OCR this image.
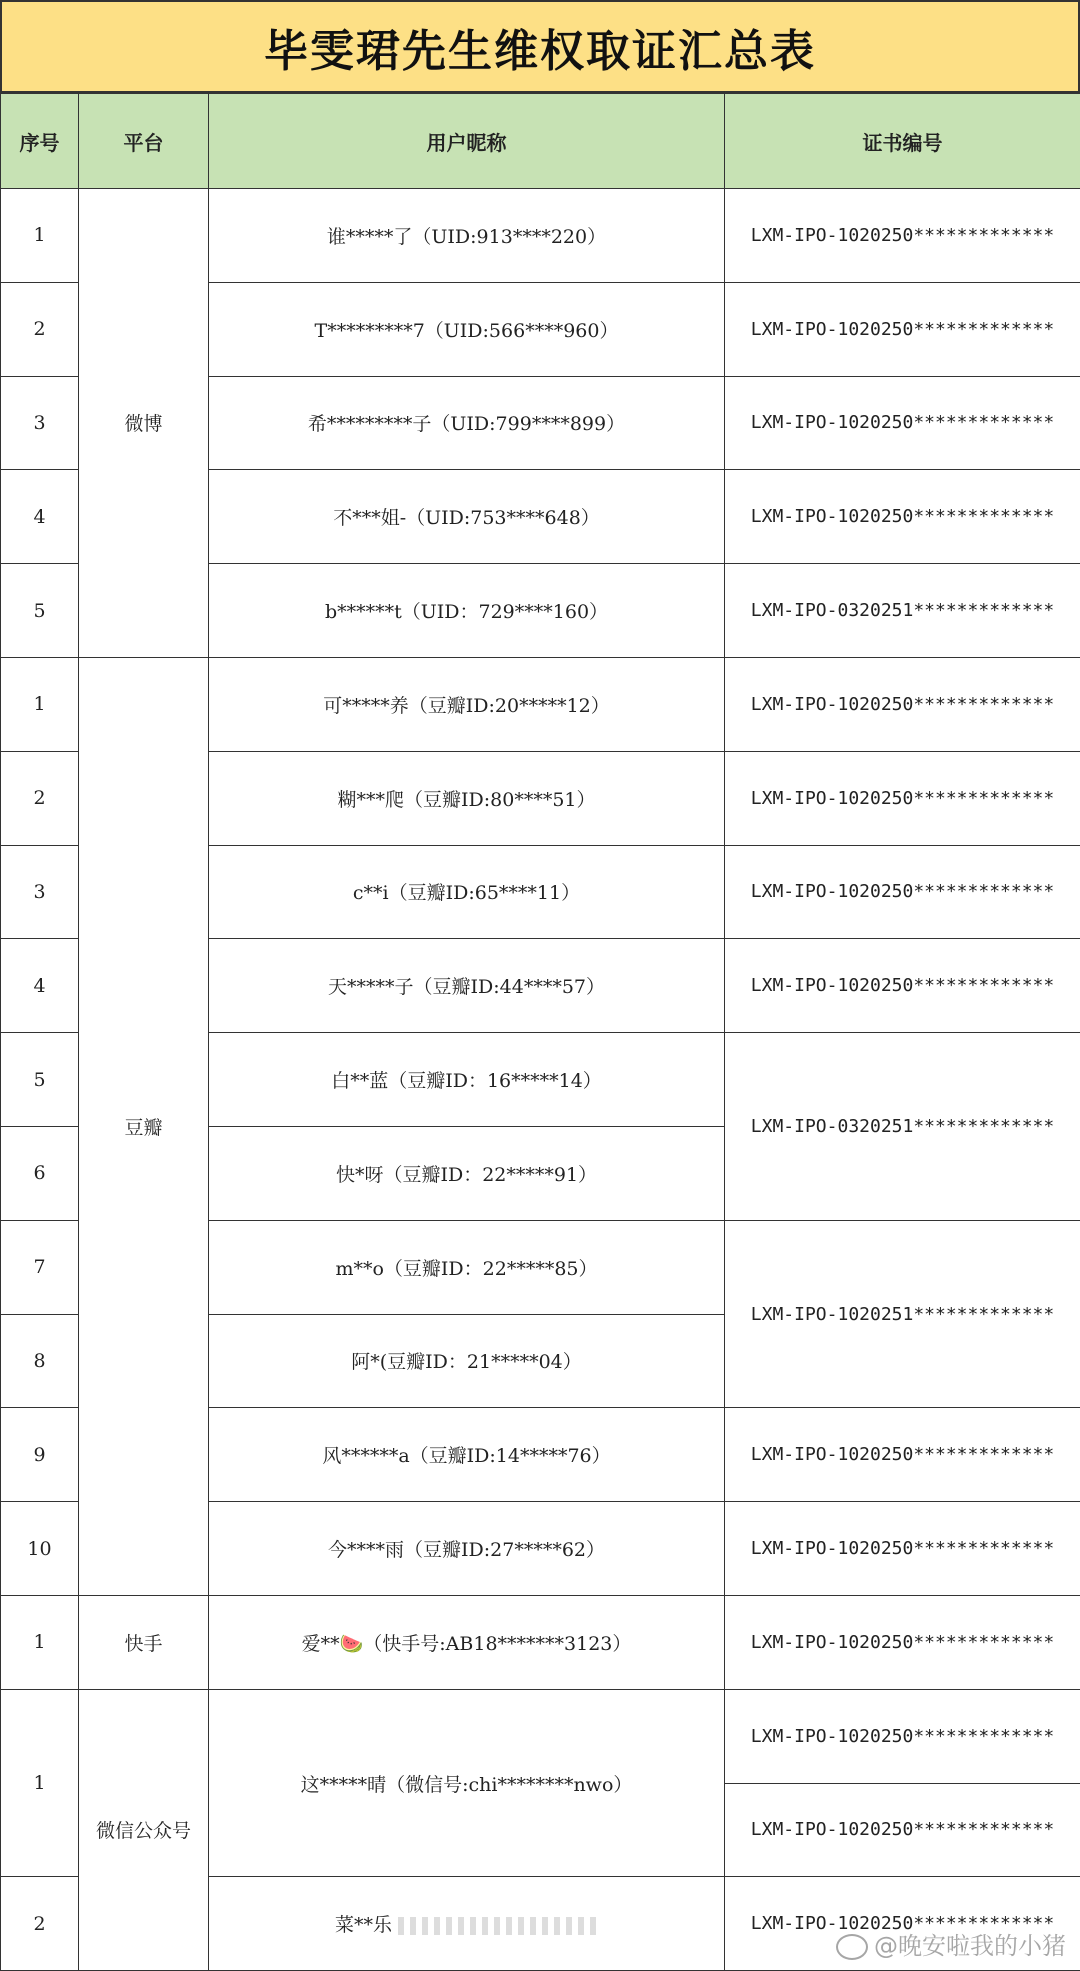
毕雯珺先生维权取证汇总表
序号	平台	用户昵称	证书编号
1	微博	谁*****了（UID:913****220）	LXM-IPO-1020250*************
2		T*********7（UID:566****960）	LXM-IPO-1020250*************
3		希*********子（UID:799****899）	LXM-IPO-1020250*************
4		不***姐-（UID:753****648）	LXM-IPO-1020250*************
5		b******t（UID：729****160）	LXM-IPO-0320251*************
1	豆瓣	可*****养（豆瓣ID:20*****12）	LXM-IPO-1020250*************
2		糊***爬（豆瓣ID:80****51）	LXM-IPO-1020250*************
3		c**i（豆瓣ID:65****11）	LXM-IPO-1020250*************
4		天*****子（豆瓣ID:44****57）	LXM-IPO-1020250*************
5		白**蓝（豆瓣ID：16*****14）	LXM-IPO-0320251*************
6		快*呀（豆瓣ID：22*****91）	
7		m**o（豆瓣ID：22*****85）	LXM-IPO-1020251*************
8		阿*(豆瓣ID：21*****04）	
9		风******a（豆瓣ID:14*****76）	LXM-IPO-1020250*************
10		今****雨（豆瓣ID:27*****62）	LXM-IPO-1020250*************
1	快手	爱**🍉（快手号:AB18*******3123）	LXM-IPO-1020250*************
1	微信公众号	这*****晴（微信号:chi********nwo）	LXM-IPO-1020250*************
			LXM-IPO-1020250*************
2		菜**乐	LXM-IPO-1020250*************
@晚安啦我的小猪
